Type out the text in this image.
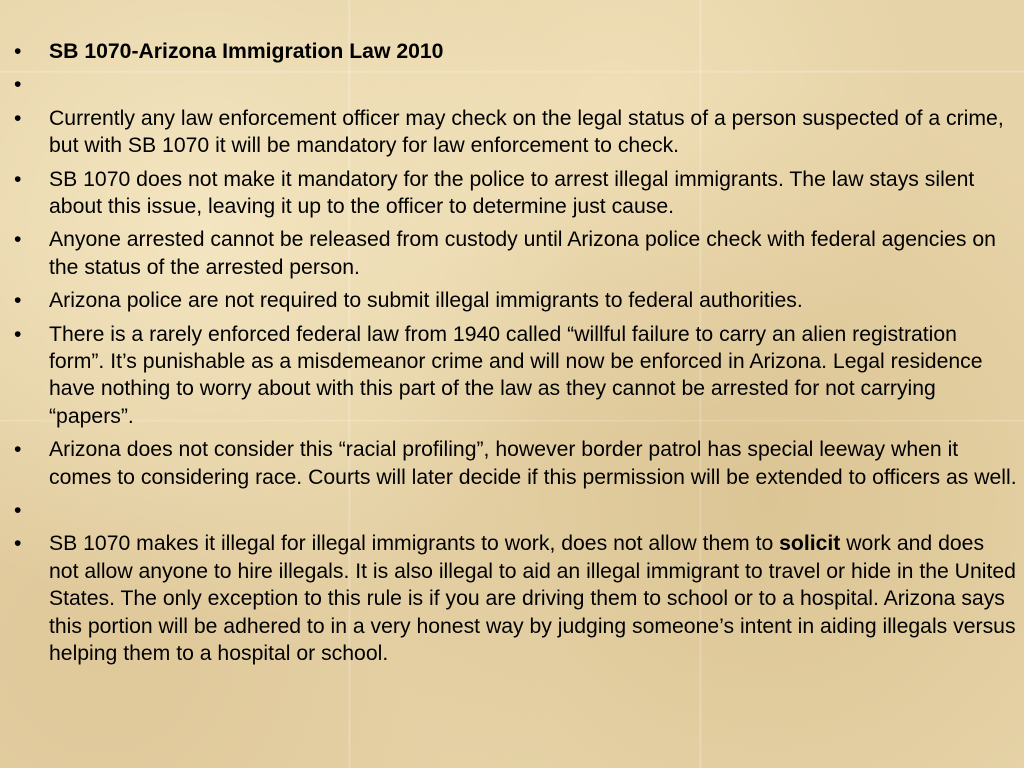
•	SB 1070-Arizona Immigration Law 2010
•
•	Currently any law enforcement officer may check on the legal status of a person suspected of a crime, but with SB 1070 it will be mandatory for law enforcement to check.
•	SB 1070 does not make it mandatory for the police to arrest illegal immigrants. The law stays silent about this issue, leaving it up to the officer to determine just cause.
•	Anyone arrested cannot be released from custody until Arizona police check with federal agencies on the status of the arrested person.
•	Arizona police are not required to submit illegal immigrants to federal authorities.
•	There is a rarely enforced federal law from 1940 called “willful failure to carry an alien registration form”. It’s punishable as a misdemeanor crime and will now be enforced in Arizona. Legal residence have nothing to worry about with this part of the law as they cannot be arrested for not carrying “papers”.
•	Arizona does not consider this “racial profiling”, however border patrol has special leeway when it comes to considering race. Courts will later decide if this permission will be extended to officers as well.
•
•	SB 1070 makes it illegal for illegal immigrants to work, does not allow them to solicit work and does not allow anyone to hire illegals. It is also illegal to aid an illegal immigrant to travel or hide in the United States. The only exception to this rule is if you are driving them to school or to a hospital. Arizona says this portion will be adhered to in a very honest way by judging someone’s intent in aiding illegals versus helping them to a hospital or school.
